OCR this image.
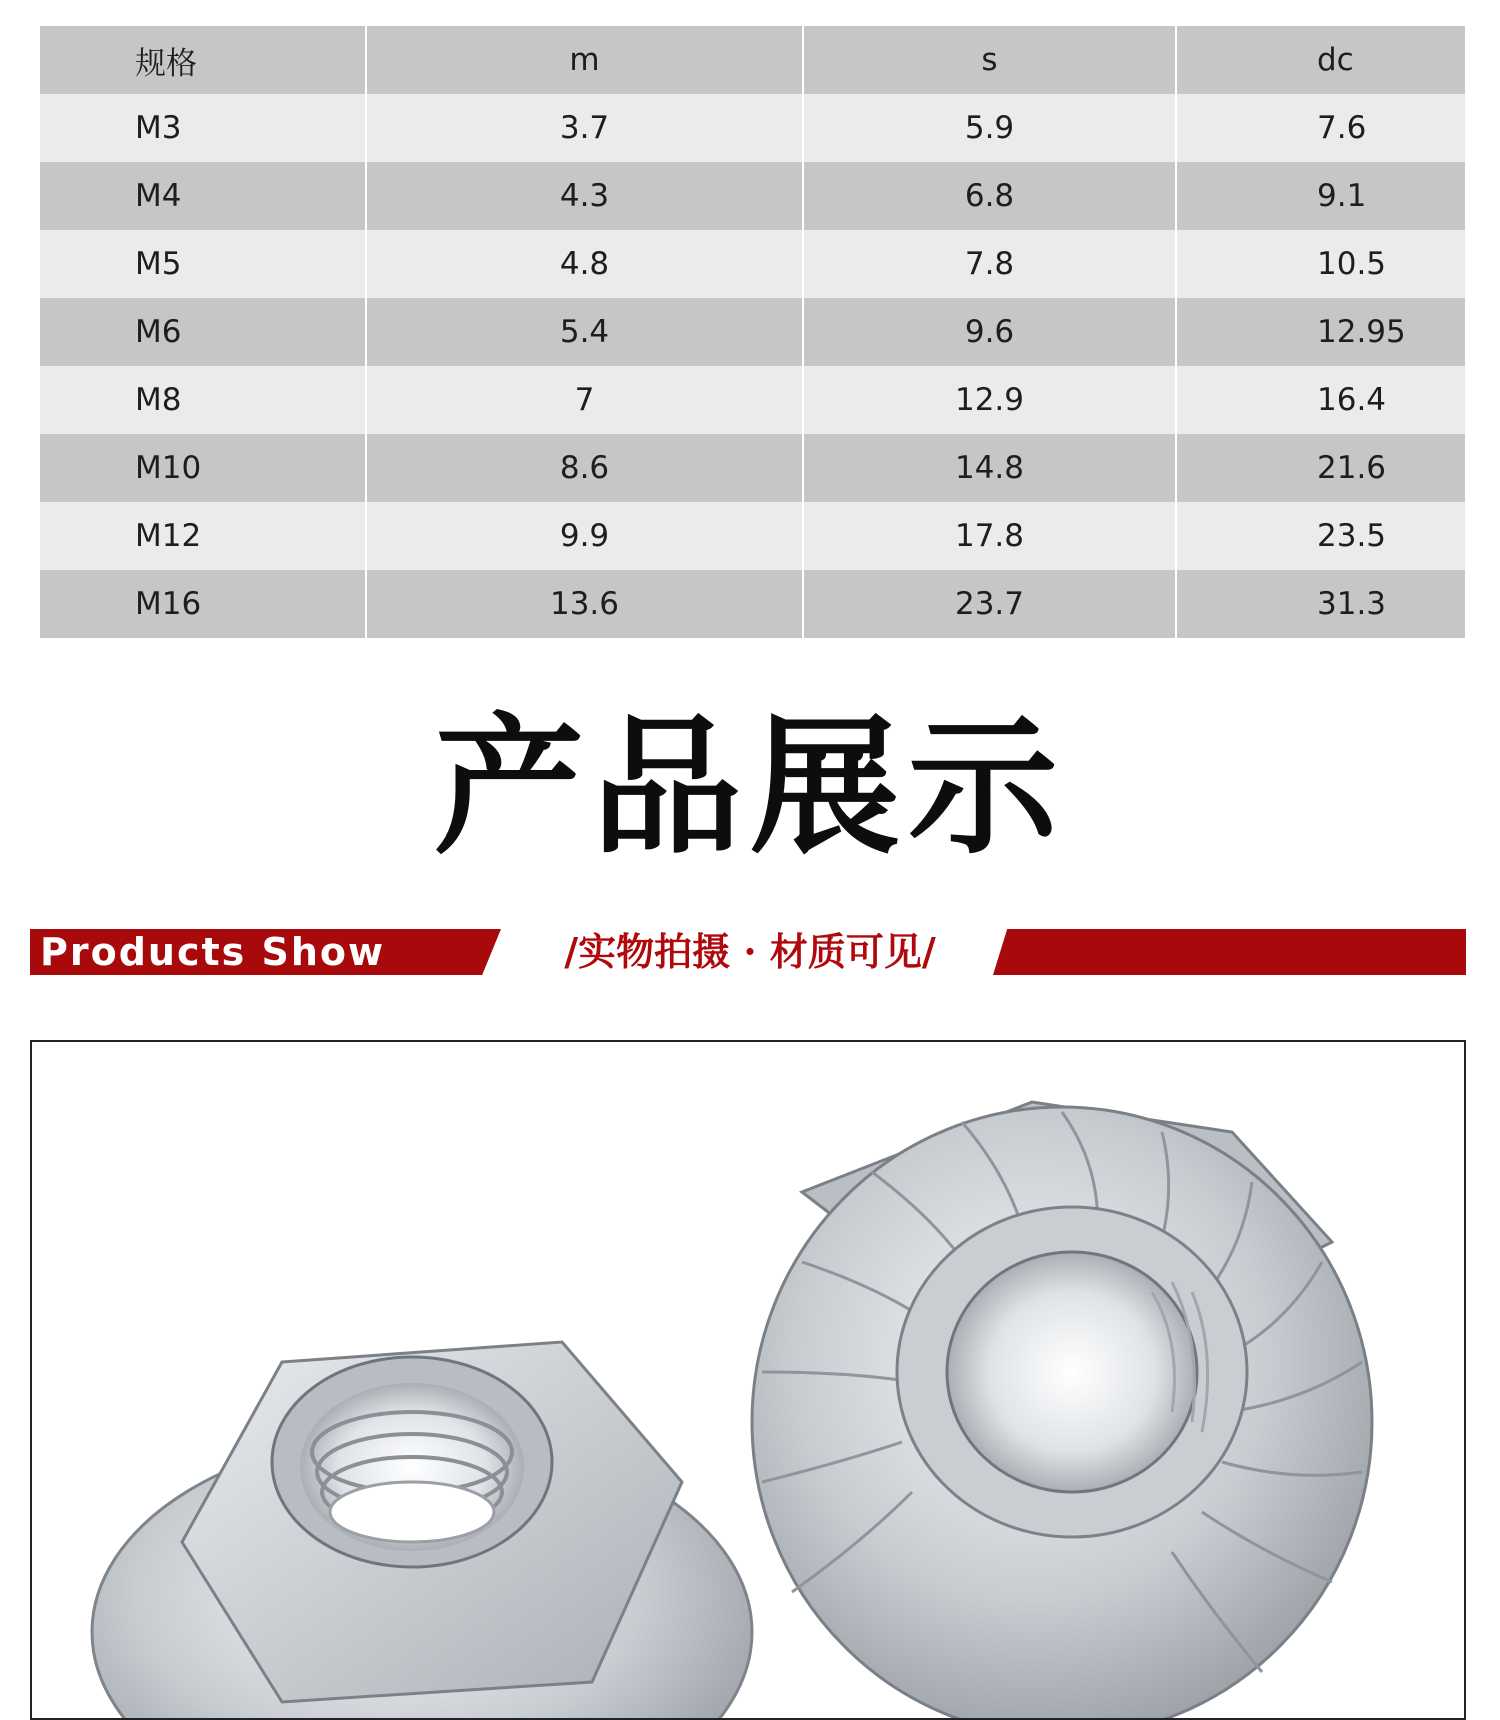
规格	m	s	dc
M3	3.7	5.9	7.6
M4	4.3	6.8	9.1
M5	4.8	7.8	10.5
M6	5.4	9.6	12.95
M8	7	12.9	16.4
M10	8.6	14.8	21.6
M12	9.9	17.8	23.5
M16	13.6	23.7	31.3
产品展示
Products Show	/实物拍摄 · 材质可见/
